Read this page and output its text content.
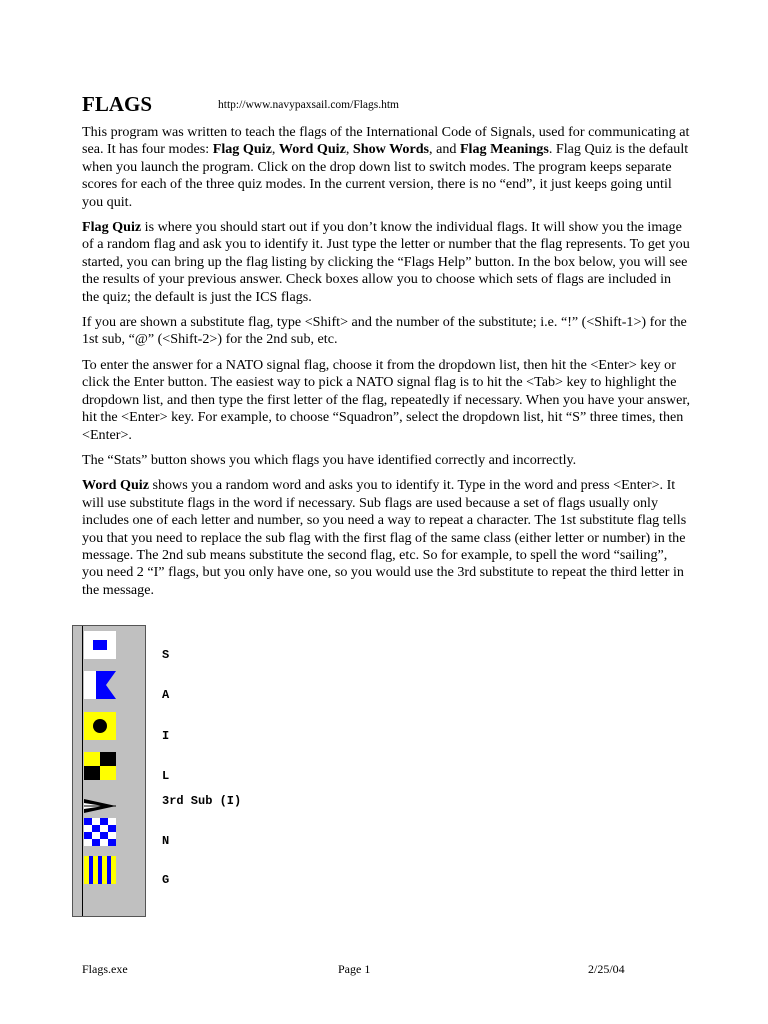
FLAGS	http://www.navypaxsail.com/Flags.htm

This program was written to teach the flags of the International Code of Signals, used for communicating at sea. It has four modes: Flag Quiz, Word Quiz, Show Words, and Flag Meanings. Flag Quiz is the default when you launch the program. Click on the drop down list to switch modes. The program keeps separate scores for each of the three quiz modes. In the current version, there is no “end”, it just keeps going until you quit.

Flag Quiz is where you should start out if you don’t know the individual flags. It will show you the image of a random flag and ask you to identify it. Just type the letter or number that the flag represents. To get you started, you can bring up the flag listing by clicking the “Flags Help” button. In the box below, you will see the results of your previous answer. Check boxes allow you to choose which sets of flags are included in the quiz; the default is just the ICS flags.

If you are shown a substitute flag, type <Shift> and the number of the substitute; i.e. “!” (<Shift-1>) for the 1st sub, “@” (<Shift-2>) for the 2nd sub, etc.

To enter the answer for a NATO signal flag, choose it from the dropdown list, then hit the <Enter> key or click the Enter button. The easiest way to pick a NATO signal flag is to hit the <Tab> key to highlight the dropdown list, and then type the first letter of the flag, repeatedly if necessary. When you have your answer, hit the <Enter> key. For example, to choose “Squadron”, select the dropdown list, hit “S” three times, then <Enter>.

The “Stats” button shows you which flags you have identified correctly and incorrectly.

Word Quiz shows you a random word and asks you to identify it. Type in the word and press <Enter>. It will use substitute flags in the word if necessary. Sub flags are used because a set of flags usually only includes one of each letter and number, so you need a way to repeat a character. The 1st substitute flag tells you that you need to replace the sub flag with the first flag of the same class (either letter or number) in the message. The 2nd sub means substitute the second flag, etc. So for example, to spell the word “sailing”, you need 2 “I” flags, but you only have one, so you would use the 3rd substitute to repeat the third letter in the message.

S
A
I
L
3rd Sub (I)
N
G
Flags.exe	Page 1	2/25/04
